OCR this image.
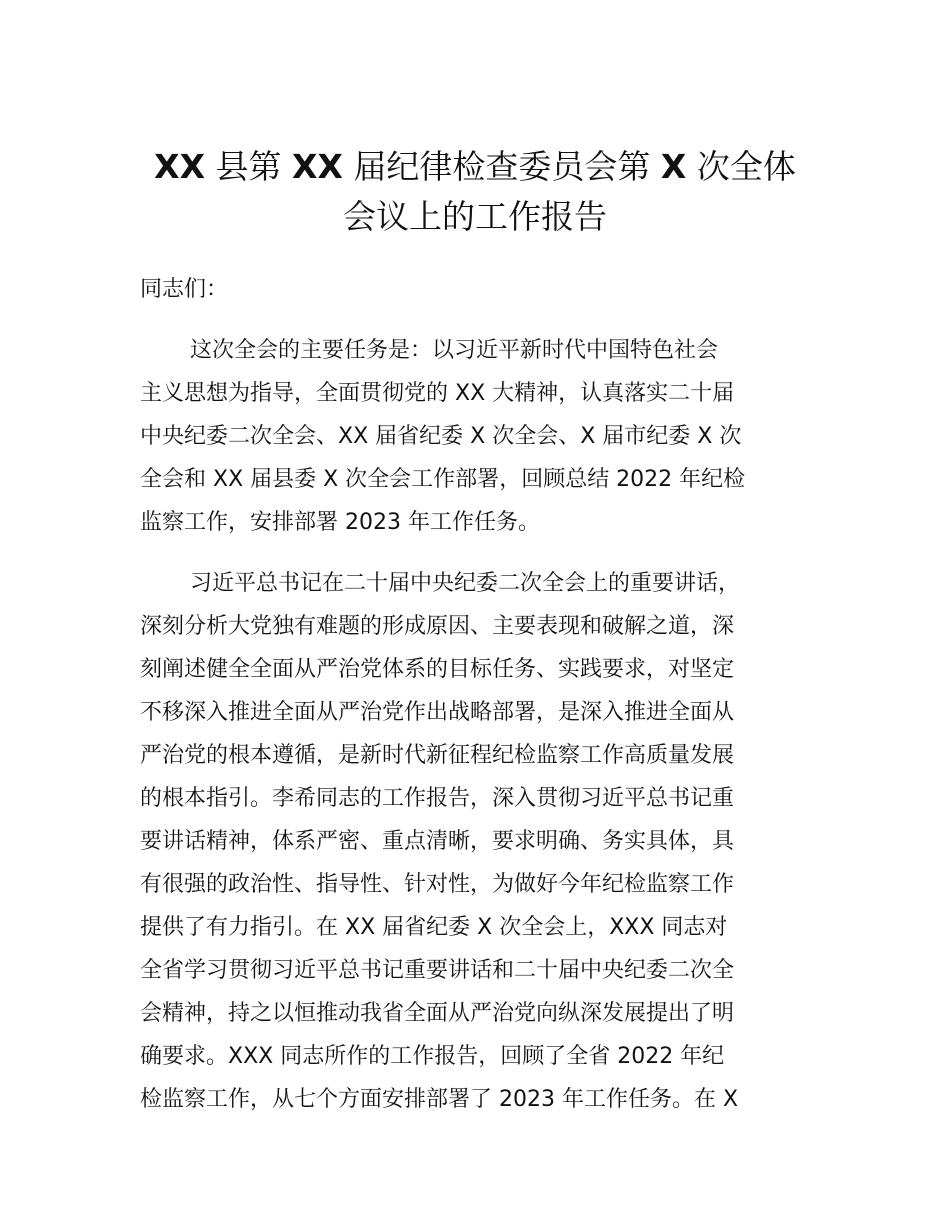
XX 县第 XX 届纪律检查委员会第 X 次全体
会议上的工作报告

同志们：

这次全会的主要任务是：以习近平新时代中国特色社会
主义思想为指导，全面贯彻党的 XX 大精神，认真落实二十届
中央纪委二次全会、XX 届省纪委 X 次全会、X 届市纪委 X 次
全会和 XX 届县委 X 次全会工作部署，回顾总结 2022 年纪检
监察工作，安排部署 2023 年工作任务。
习近平总书记在二十届中央纪委二次全会上的重要讲话，
深刻分析大党独有难题的形成原因、主要表现和破解之道，深
刻阐述健全全面从严治党体系的目标任务、实践要求，对坚定
不移深入推进全面从严治党作出战略部署，是深入推进全面从
严治党的根本遵循，是新时代新征程纪检监察工作高质量发展
的根本指引。李希同志的工作报告，深入贯彻习近平总书记重
要讲话精神，体系严密、重点清晰，要求明确、务实具体，具
有很强的政治性、指导性、针对性，为做好今年纪检监察工作
提供了有力指引。在 XX 届省纪委 X 次全会上，XXX 同志对
全省学习贯彻习近平总书记重要讲话和二十届中央纪委二次全
会精神，持之以恒推动我省全面从严治党向纵深发展提出了明
确要求。XXX 同志所作的工作报告，回顾了全省 2022 年纪
检监察工作，从七个方面安排部署了 2023 年工作任务。在 X
